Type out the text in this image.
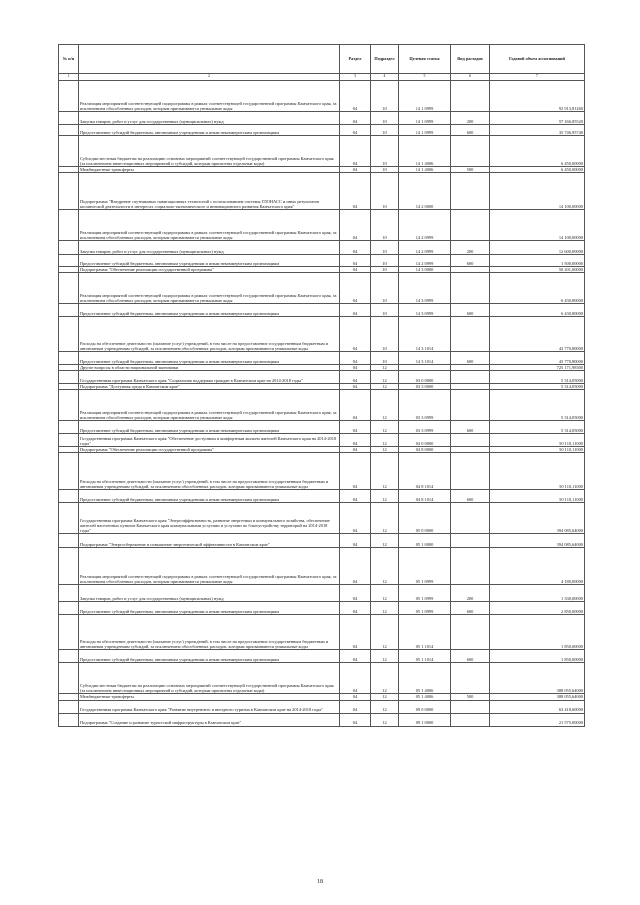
№ п/п		Раздел	Подраздел	Целевая статья	Вид расходов	Годовой объем ассигнований
1	2	3	4	5	6	7
	Реализация мероприятий соответствующей подпрограммы в рамках соответствующей государственной программы Камчатского края, за исключением обособленных расходов, которым присваиваются уникальные коды	04	10	14 1 0999		92 913,81260
	Закупка товаров, работ и услуг для государственных (муниципальных) нужд	04	10	14 1 0999	200	57 166,85520
	Предоставление субсидий бюджетным, автономным учреждениям и иным некоммерческим организациям	04	10	14 1 0999	600	35 746,95740
	Субсидии местным бюджетам на реализацию основных мероприятий соответствующей государственной программы Камчатского края (за исключением инвестиционных мероприятий и субсидий, которым присвоены отдельные коды)	04	10	14 1 4006		6 450,00000
	Межбюджетные трансферты	04	10	14 1 4006	500	6 450,00000
	Подпрограмма "Внедрение спутниковых навигационных технологий с использованием системы ГЛОНАСС и иных результатов космической деятельности в интересах социально-экономического и инновационного развития Камчатского края"	04	10	14 2 0000		14 100,00000
	Реализация мероприятий соответствующей подпрограммы в рамках соответствующей государственной программы Камчатского края, за исключением обособленных расходов, которым присваиваются уникальные коды	04	10	14 2 0999		14 100,00000
	Закупка товаров, работ и услуг для государственных (муниципальных) нужд	04	10	14 2 0999	200	12 600,00000
	Предоставление субсидий бюджетным, автономным учреждениям и иным некоммерческим организациям	04	10	14 2 0999	600	1 500,00000
	Подпрограмма "Обеспечение реализации государственной программы"	04	10	14 3 0000		50 201,60000
	Реализация мероприятий соответствующей подпрограммы в рамках соответствующей государственной программы Камчатского края, за исключением обособленных расходов, которым присваиваются уникальные коды	04	10	14 3 0999		6 430,80000
	Предоставление субсидий бюджетным, автономным учреждениям и иным некоммерческим организациям	04	10	14 3 0999	600	6 430,80000
	Расходы на обеспечение деятельности (оказание услуг) учреждений, в том числе на предоставление государственным бюджетным и автономным учреждениям субсидий, за исключением обособленных расходов, которым присваиваются уникальные коды	04	10	14 3 1014		43 770,80000
	Предоставление субсидий бюджетным, автономным учреждениям и иным некоммерческим организациям	04	10	14 3 1014	600	43 770,80000
	Другие вопросы в области национальной экономики	04	12			725 171,98300
	Государственная программа Камчатского края "Социальная поддержка граждан в Камчатском крае на 2014-2018 годы"	04	12	03 0 0000		5 314,05000
	Подпрограмма "Доступная среда в Камчатском крае"	04	12	03 3 0000		5 314,05000
	Реализация мероприятий соответствующей подпрограммы в рамках соответствующей государственной программы Камчатского края, за исключением обособленных расходов, которым присваиваются уникальные коды	04	12	03 3 0999		5 314,05000
	Предоставление субсидий бюджетным, автономным учреждениям и иным некоммерческим организациям	04	12	03 3 0999	600	5 314,05000
	Государственная программа Камчатского края "Обеспечение доступным и комфортным жильем жителей Камчатского края на 2014-2018 годы"	04	12	04 0 0000		50 110,11000
	Подпрограмма "Обеспечение реализации государственной программы"	04	12	04 8 0000		50 110,11000
	Расходы на обеспечение деятельности (оказание услуг) учреждений, в том числе на предоставление государственным бюджетным и автономным учреждениям субсидий, за исключением обособленных расходов, которым присваиваются уникальные коды	04	12	04 8 1014		50 110,11000
	Предоставление субсидий бюджетным, автономным учреждениям и иным некоммерческим организациям	04	12	04 8 1014	600	50 110,11000
	Государственная программа Камчатского края "Энергоэффективность, развитие энергетики и коммунального хозяйства, обеспечение жителей населенных пунктов Камчатского края коммунальными услугами и услугами по благоустройству территорий на 2014-2018 годы"	04	12	05 0 0000		394 085,64000
	Подпрограмма "Энергосбережение и повышение энергетической эффективности в Камчатском крае"	04	12	05 1 0000		394 085,64000
	Реализация мероприятий соответствующей подпрограммы в рамках соответствующей государственной программы Камчатского края, за исключением обособленных расходов, которым присваиваются уникальные коды	04	12	05 1 0999		4 180,00000
	Закупка товаров, работ и услуг для государственных (муниципальных) нужд	04	12	05 1 0999	200	1 330,00000
	Предоставление субсидий бюджетным, автономным учреждениям и иным некоммерческим организациям	04	12	05 1 0999	600	2 850,00000
	Расходы на обеспечение деятельности (оказание услуг) учреждений, в том числе на предоставление государственным бюджетным и автономным учреждениям субсидий, за исключением обособленных расходов, которым присваиваются уникальные коды	04	12	05 1 1014		1 850,00000
	Предоставление субсидий бюджетным, автономным учреждениям и иным некоммерческим организациям	04	12	05 1 1014	600	1 850,00000
	Субсидии местным бюджетам на реализацию основных мероприятий соответствующей государственной программы Камчатского края (за исключением инвестиционных мероприятий и субсидий, которым присвоены отдельные коды)	04	12	05 1 4006		388 055,64000
	Межбюджетные трансферты	04	12	05 1 4006	500	388 055,64000
	Государственная программа Камчатского края "Развитие внутреннего и въездного туризма в Камчатском крае на 2014-2018 годы"	04	12	09 0 0000		63 418,60000
	Подпрограмма "Создание и развитие туристской инфраструктуры в Камчатском крае"	04	12	09 1 0000		21 575,00000
18
